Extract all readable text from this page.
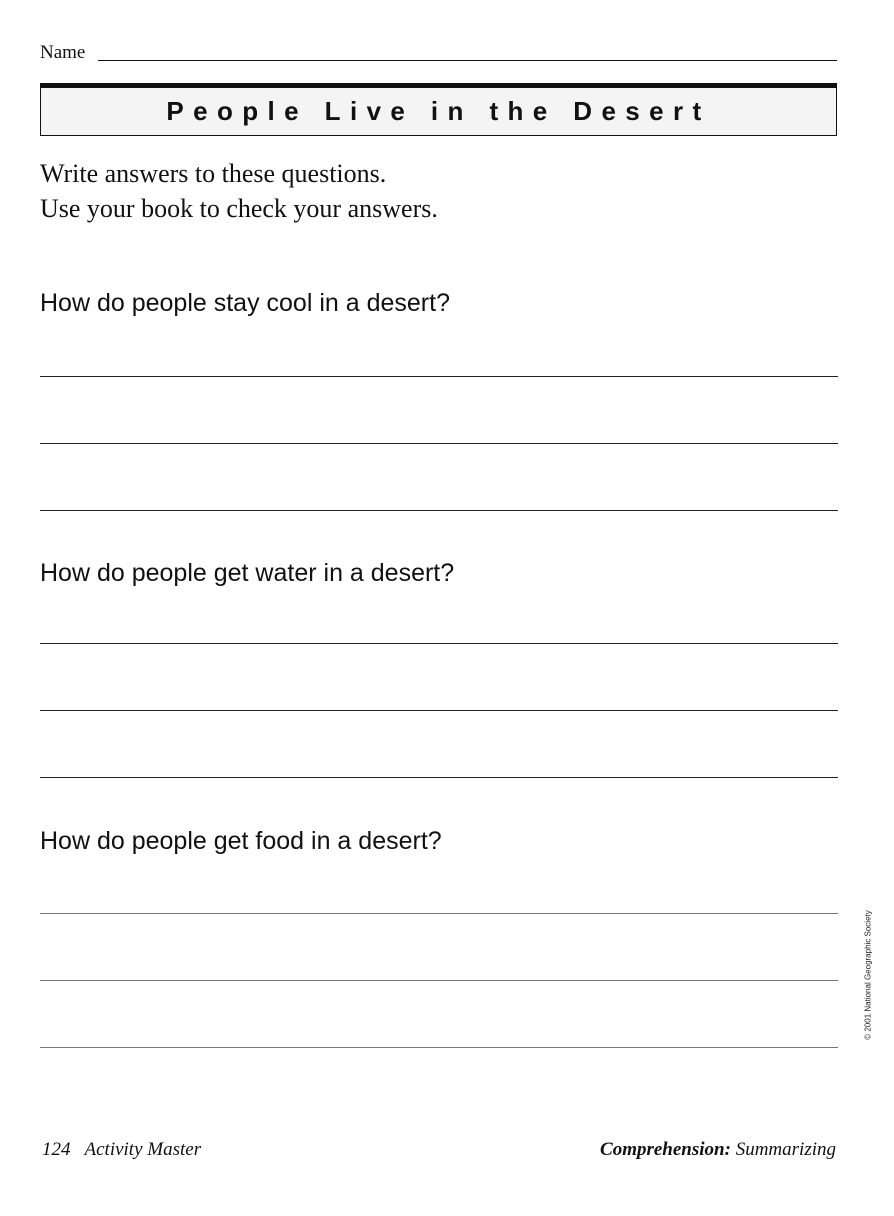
Name
People Live in the Desert
Write answers to these questions.
Use your book to check your answers.
How do people stay cool in a desert?
How do people get water in a desert?
How do people get food in a desert?
© 2001 National Geographic Society
124 Activity Master	Comprehension: Summarizing
